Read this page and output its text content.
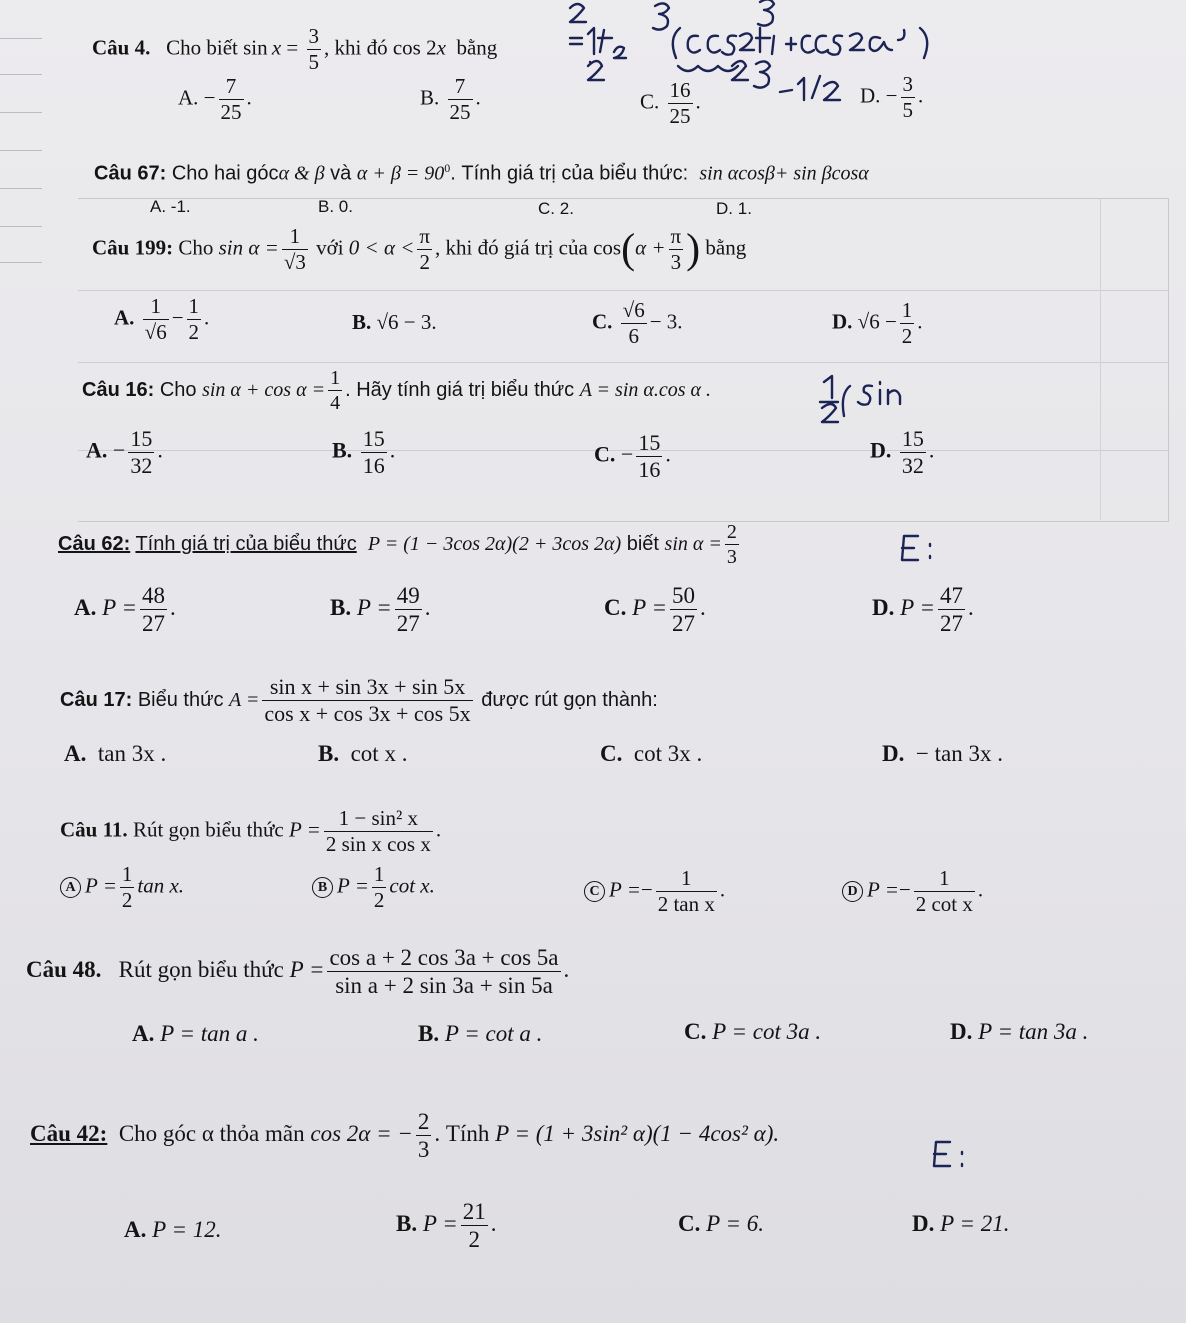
Câu 4. Cho biết $\sin x = \frac{3}{5}$ , khi đó cos 2x bằng
A. − $\frac{7}{25}$ .	B. $\frac{7}{25}$ .	C. $\frac{16}{25}$ .	D. − $\frac{3}{5}$ .
Câu 67: Cho hai gócα & β và $\alpha + \beta = 90^0$. Tính giá trị của biểu thức: sin αcosβ+ sin βcosα
A. -1.	B. 0.	C. 2.	D. 1.
Câu 199: Cho $\sin \alpha = \frac{1}{√3}$ với $0 < \alpha < \frac{\pi}{2}$ , khi đó giá trị của $\cos(\alpha + \frac{\pi}{3}$ ) bằng
A. $\frac{1}{√6} - \frac{1}{2}$ .	B. √6 − 3.	C. $\frac{√6}{6} - 3$.	D. $√6 - \frac{1}{2}$ .
Câu 16: Cho $\sin \alpha + \cos \alpha = \frac{1}{4}$ . Hãy tính giá trị biểu thức A = sin α.cos α .
A. − $\frac{15}{32}$ .	B. $\frac{15}{16}$ .	C. − $\frac{15}{16}$ .	D. $\frac{15}{32}$ .
Câu 62: Tính giá trị của biểu thức P = (1 − 3cos 2α)(2 + 3cos 2α) biết $\sin \alpha = \frac{2}{3}$
A. $P = \frac{48}{27}$ .	B. $P = \frac{49}{27}$ .	C. $P = \frac{50}{27}$ .	D. $P = \frac{47}{27}$ .
Câu 17: Biểu thức $A = \frac{\text{sin x + sin 3x + sin 5x}}{\text{cos x + cos 3x + cos 5x}}$ được rút gọn thành:
A. tan 3x .	B. cot x .	C. cot 3x .	D. − tan 3x .
Câu 11. Rút gọn biểu thức $P = \frac{\text{1 − sin² x}}{\text{2 sin x cos x}}$ .
A $P = \frac{1}{2}$ tan x.	B $P = \frac{1}{2}$ cot x.	C $P =- \frac{1}{\text{2 tan x}}$ .	D $P =- \frac{1}{\text{2 cot x}}$ .
Câu 48. Rút gọn biểu thức $P = \frac{\text{cos a + 2 cos 3a + cos 5a}}{\text{sin a + 2 sin 3a + sin 5a}}$ .
A. P = tan a .	B. P = cot a .	C. P = cot 3a .	D. P = tan 3a .
Câu 42: Cho góc α thỏa mãn cos 2α = − $\frac{2}{3}$ . Tính P = (1 + 3sin² α)(1 − 4cos² α).
A. P = 12.	B. $P = \frac{21}{2}$ .	C. P = 6.	D. P = 21.
